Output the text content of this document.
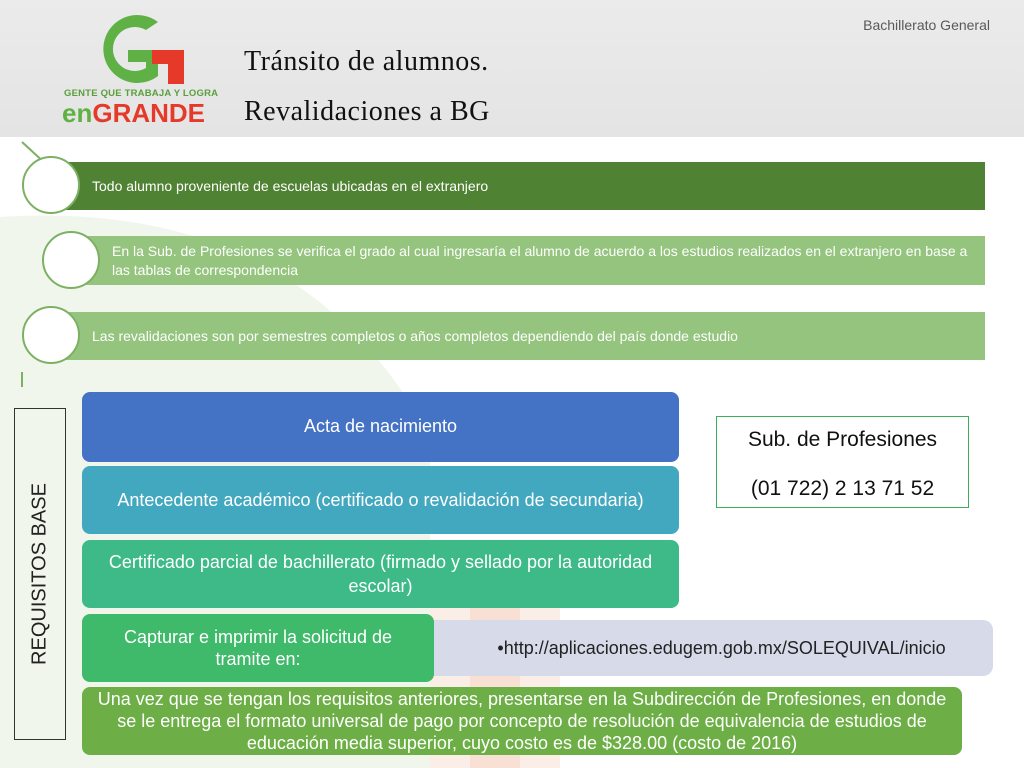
Bachillerato General
Tránsito de alumnos.
Revalidaciones a BG
GENTE QUE TRABAJA Y LOGRA
enGRANDE
Todo alumno proveniente de escuelas ubicadas en el extranjero
En la Sub. de Profesiones se verifica el grado al cual ingresaría el alumno de acuerdo a los estudios realizados en el extranjero en base a las tablas de correspondencia
Las revalidaciones son por semestres completos o años completos dependiendo del país donde estudio
REQUISITOS BASE
Acta de nacimiento
Antecedente académico (certificado o revalidación de secundaria)
Certificado parcial de bachillerato (firmado y sellado por la autoridad escolar)
• http://aplicaciones.edugem.gob.mx/SOLEQUIVAL/inicio
Capturar e imprimir la solicitud de tramite en:
Una vez que se tengan los requisitos anteriores, presentarse en la Subdirección de Profesiones, en donde se le entrega el formato universal de pago por concepto de resolución de equivalencia de estudios de educación media superior, cuyo costo es de $328.00 (costo de 2016)
Sub. de Profesiones
(01 722) 2 13 71 52
